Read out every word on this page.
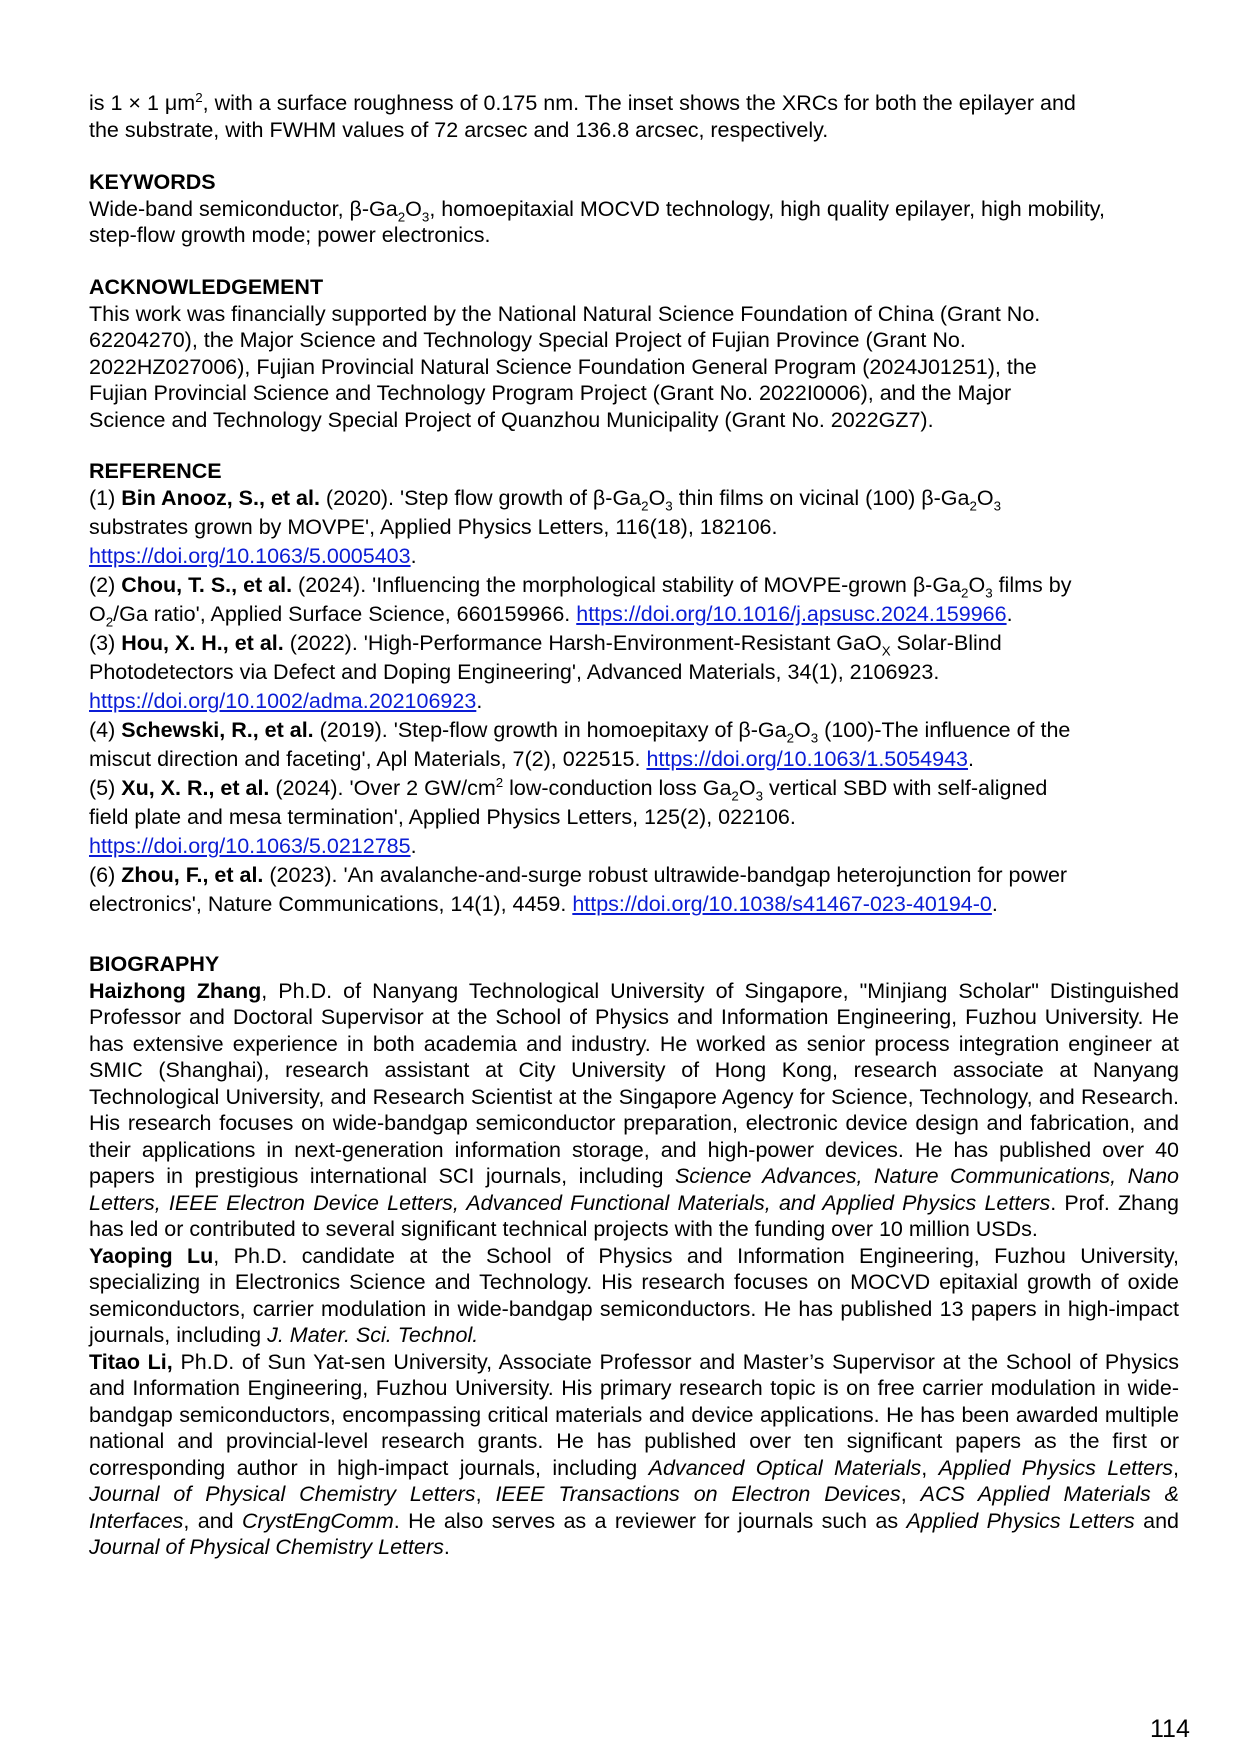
is 1 × 1 $\mu m^2$, with a surface roughness of 0.175 nm. The inset shows the XRCs for both the epilayer and
the substrate, with FWHM values of 72 arcsec and 136.8 arcsec, respectively.
KEYWORDS
Wide-band semiconductor, $\beta-Ga_2O_3$, homoepitaxial MOCVD technology, high quality epilayer, high mobility,
step-flow growth mode; power electronics.
ACKNOWLEDGEMENT
This work was financially supported by the National Natural Science Foundation of China (Grant No.
62204270), the Major Science and Technology Special Project of Fujian Province (Grant No.
2022HZ027006), Fujian Provincial Natural Science Foundation General Program (2024J01251), the
Fujian Provincial Science and Technology Program Project (Grant No. 2022I0006), and the Major
Science and Technology Special Project of Quanzhou Municipality (Grant No. 2022GZ7).
REFERENCE
(1) Bin Anooz, S., et al. (2020). 'Step flow growth of $\beta-Ga_2O_3$ thin films on vicinal (100) $\beta-Ga_2O_3$
substrates grown by MOVPE', Applied Physics Letters, 116(18), 182106.
https://doi.org/10.1063/5.0005403.
(2) Chou, T. S., et al. (2024). 'Influencing the morphological stability of MOVPE-grown $\beta-Ga_2O_3$ films by
$O_2/Ga$ ratio', Applied Surface Science, 660159966. https://doi.org/10.1016/j.apsusc.2024.159966.
(3) Hou, X. H., et al. (2022). 'High-Performance Harsh-Environment-Resistant GaO$_X$ Solar-Blind
Photodetectors via Defect and Doping Engineering', Advanced Materials, 34(1), 2106923.
https://doi.org/10.1002/adma.202106923.
(4) Schewski, R., et al. (2019). 'Step-flow growth in homoepitaxy of $\beta-Ga_2O_3$ (100)-The influence of the
miscut direction and faceting', Apl Materials, 7(2), 022515. https://doi.org/10.1063/1.5054943.
(5) Xu, X. R., et al. (2024). 'Over 2 $GW/cm^2$ low-conduction loss $Ga_2O_3$ vertical SBD with self-aligned
field plate and mesa termination', Applied Physics Letters, 125(2), 022106.
https://doi.org/10.1063/5.0212785.
(6) Zhou, F., et al. (2023). 'An avalanche-and-surge robust ultrawide-bandgap heterojunction for power
electronics', Nature Communications, 14(1), 4459. https://doi.org/10.1038/s41467-023-40194-0.
BIOGRAPHY
Haizhong Zhang, Ph.D. of Nanyang Technological University of Singapore, "Minjiang Scholar" Distinguished Professor and Doctoral Supervisor at the School of Physics and Information Engineering, Fuzhou University. He has extensive experience in both academia and industry. He worked as senior process integration engineer at SMIC (Shanghai), research assistant at City University of Hong Kong, research associate at Nanyang Technological University, and Research Scientist at the Singapore Agency for Science, Technology, and Research. His research focuses on wide-bandgap semiconductor preparation, electronic device design and fabrication, and their applications in next-generation information storage, and high-power devices. He has published over 40 papers in prestigious international SCI journals, including Science Advances, Nature Communications, Nano Letters, IEEE Electron Device Letters, Advanced Functional Materials, and Applied Physics Letters. Prof. Zhang has led or contributed to several significant technical projects with the funding over 10 million USDs.
Yaoping Lu, Ph.D. candidate at the School of Physics and Information Engineering, Fuzhou University, specializing in Electronics Science and Technology. His research focuses on MOCVD epitaxial growth of oxide semiconductors, carrier modulation in wide-bandgap semiconductors. He has published 13 papers in high-impact journals, including J. Mater. Sci. Technol.
Titao Li, Ph.D. of Sun Yat-sen University, Associate Professor and Master’s Supervisor at the School of Physics and Information Engineering, Fuzhou University. His primary research topic is on free carrier modulation in wide-bandgap semiconductors, encompassing critical materials and device applications. He has been awarded multiple national and provincial-level research grants. He has published over ten significant papers as the first or corresponding author in high-impact journals, including Advanced Optical Materials, Applied Physics Letters, Journal of Physical Chemistry Letters, IEEE Transactions on Electron Devices, ACS Applied Materials & Interfaces, and CrystEngComm. He also serves as a reviewer for journals such as Applied Physics Letters and Journal of Physical Chemistry Letters.
114
